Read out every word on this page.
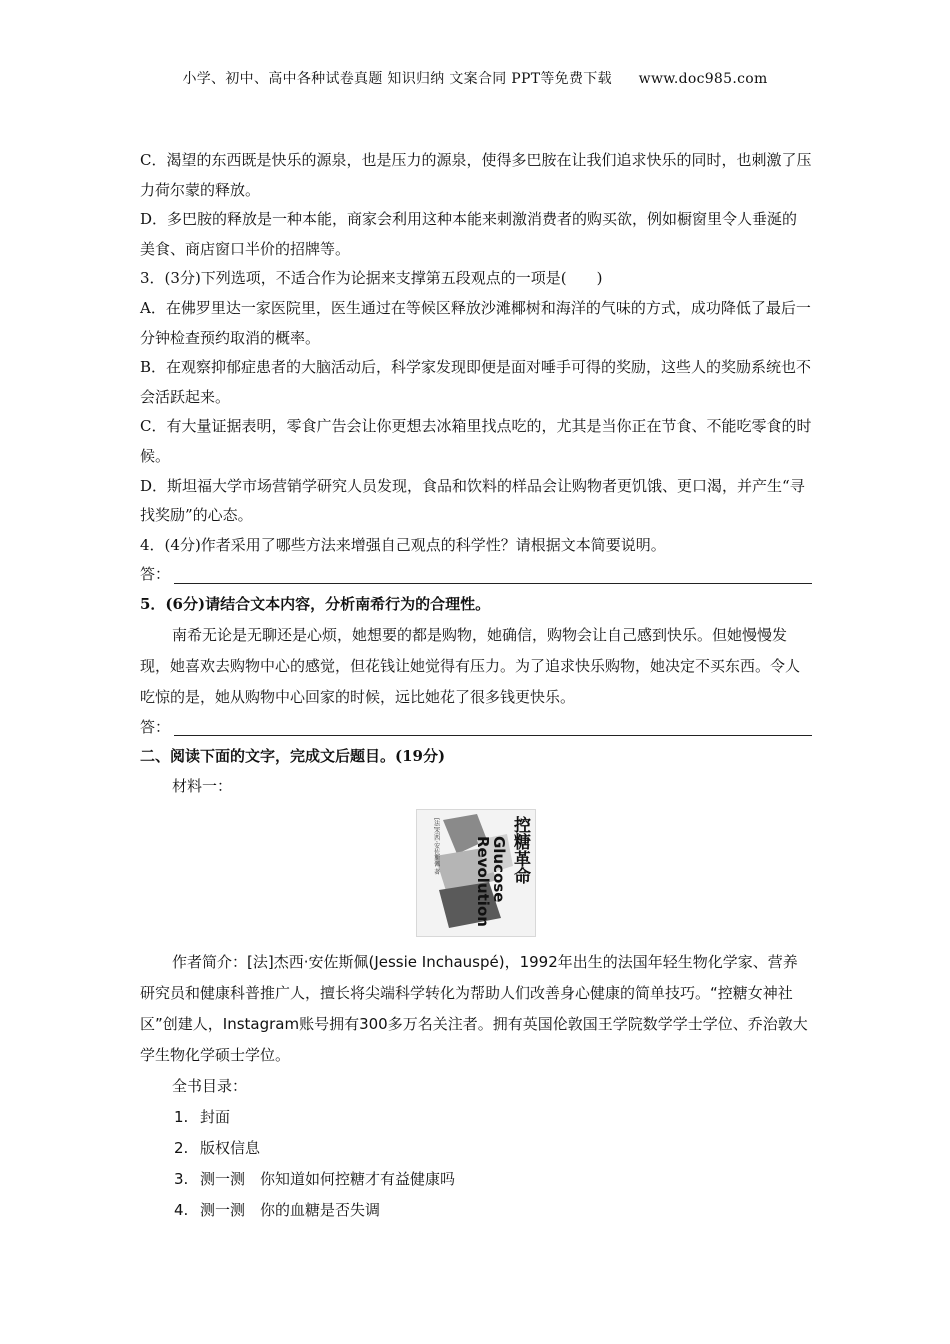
小学、初中、高中各种试卷真题 知识归纳 文案合同 PPT等免费下载 www.doc985.com

C．渴望的东西既是快乐的源泉，也是压力的源泉，使得多巴胺在让我们追求快乐的同时，也刺激了压力荷尔蒙的释放。

D．多巴胺的释放是一种本能，商家会利用这种本能来刺激消费者的购买欲，例如橱窗里令人垂涎的美食、商店窗口半价的招牌等。

3．(3分)下列选项，不适合作为论据来支撑第五段观点的一项是(　　)

A．在佛罗里达一家医院里，医生通过在等候区释放沙滩椰树和海洋的气味的方式，成功降低了最后一分钟检查预约取消的概率。

B．在观察抑郁症患者的大脑活动后，科学家发现即便是面对唾手可得的奖励，这些人的奖励系统也不会活跃起来。

C．有大量证据表明，零食广告会让你更想去冰箱里找点吃的，尤其是当你正在节食、不能吃零食的时候。

D．斯坦福大学市场营销学研究人员发现，食品和饮料的样品会让购物者更饥饿、更口渴，并产生“寻找奖励”的心态。

4．(4分)作者采用了哪些方法来增强自己观点的科学性？请根据文本简要说明。

答：

5．(6分)请结合文本内容，分析南希行为的合理性。

南希无论是无聊还是心烦，她想要的都是购物，她确信，购物会让自己感到快乐。但她慢慢发现，她喜欢去购物中心的感觉，但花钱让她觉得有压力。为了追求快乐购物，她决定不买东西。令人吃惊的是，她从购物中心回家的时候，远比她花了很多钱更快乐。

答：

二、阅读下面的文字，完成文后题目。(19分)

材料一：

[法]杰西·安佐斯佩 著	控糖革命
Glucose Revolution

作者简介：[法]杰西·安佐斯佩(Jessie Inchauspé)，1992年出生的法国年轻生物化学家、营养研究员和健康科普推广人，擅长将尖端科学转化为帮助人们改善身心健康的简单技巧。“控糖女神社区”创建人，Instagram账号拥有300多万名关注者。拥有英国伦敦国王学院数学学士学位、乔治敦大学生物化学硕士学位。

全书目录：

1. 封面
2. 版权信息
3. 测一测　你知道如何控糖才有益健康吗
4. 测一测　你的血糖是否失调
